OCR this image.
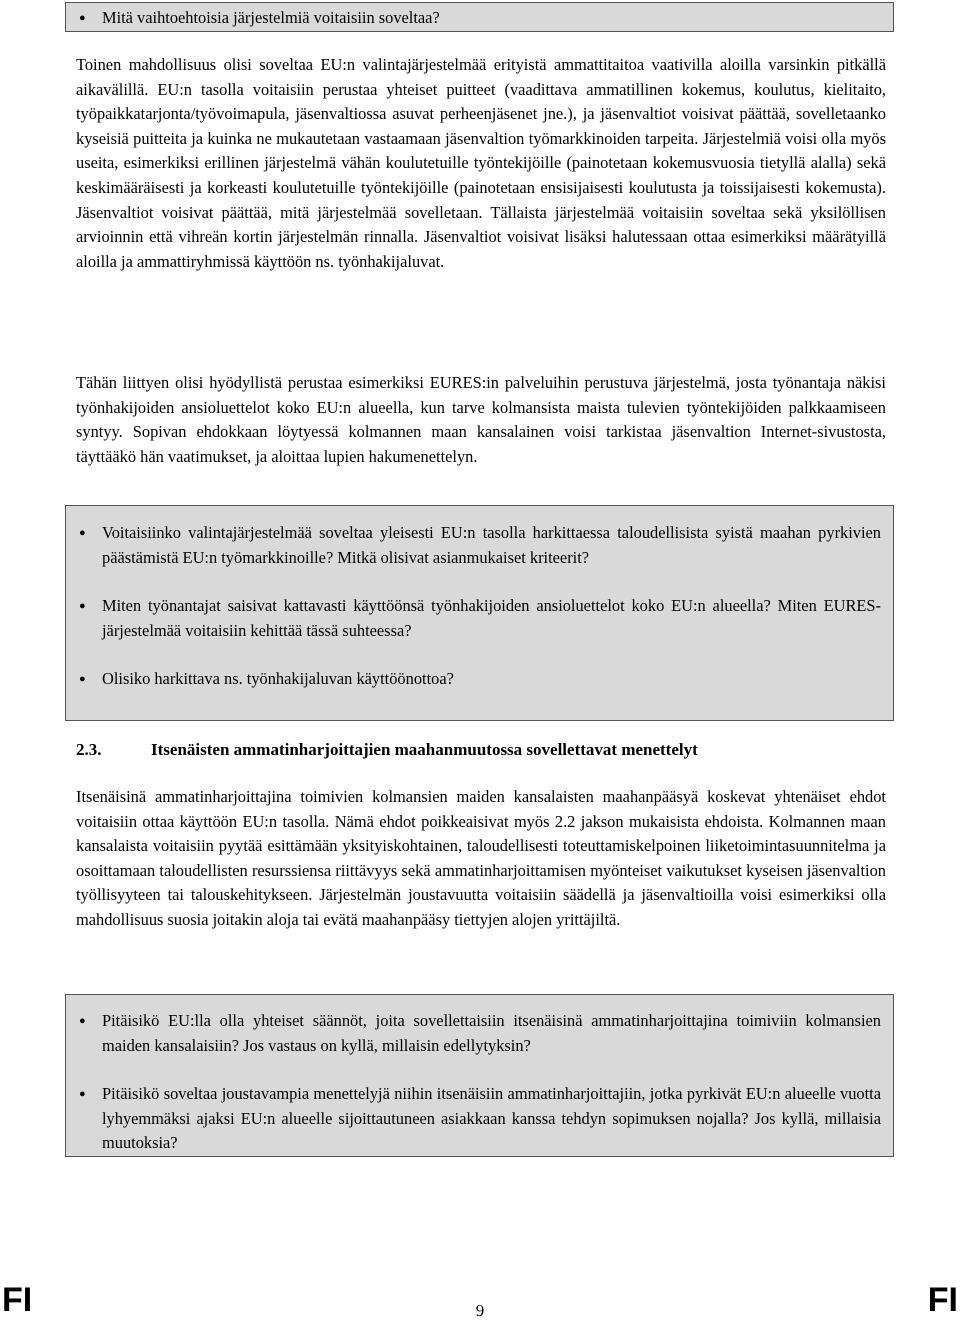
● Mitä vaihtoehtoisia järjestelmiä voitaisiin soveltaa?

Toinen mahdollisuus olisi soveltaa EU:n valintajärjestelmää erityistä ammattitaitoa vaativilla aloilla varsinkin pitkällä aikavälillä. EU:n tasolla voitaisiin perustaa yhteiset puitteet (vaadittava ammatillinen kokemus, koulutus, kielitaito, työpaikkatarjonta/työvoimapula, jäsenvaltiossa asuvat perheenjäsenet jne.), ja jäsenvaltiot voisivat päättää, sovelletaanko kyseisiä puitteita ja kuinka ne mukautetaan vastaamaan jäsenvaltion työmarkkinoiden tarpeita. Järjestelmiä voisi olla myös useita, esimerkiksi erillinen järjestelmä vähän koulutetuille työntekijöille (painotetaan kokemusvuosia tietyllä alalla) sekä keskimääräisesti ja korkeasti koulutetuille työntekijöille (painotetaan ensisijaisesti koulutusta ja toissijaisesti kokemusta). Jäsenvaltiot voisivat päättää, mitä järjestelmää sovelletaan. Tällaista järjestelmää voitaisiin soveltaa sekä yksilöllisen arvioinnin että vihreän kortin järjestelmän rinnalla. Jäsenvaltiot voisivat lisäksi halutessaan ottaa esimerkiksi määrätyillä aloilla ja ammattiryhmissä käyttöön ns. työnhakijaluvat.

Tähän liittyen olisi hyödyllistä perustaa esimerkiksi EURES:in palveluihin perustuva järjestelmä, josta työnantaja näkisi työnhakijoiden ansioluettelot koko EU:n alueella, kun tarve kolmansista maista tulevien työntekijöiden palkkaamiseen syntyy. Sopivan ehdokkaan löytyessä kolmannen maan kansalainen voisi tarkistaa jäsenvaltion Internet-sivustosta, täyttääkö hän vaatimukset, ja aloittaa lupien hakumenettelyn.

● Voitaisiinko valintajärjestelmää soveltaa yleisesti EU:n tasolla harkittaessa taloudellisista syistä maahan pyrkivien päästämistä EU:n työmarkkinoille? Mitkä olisivat asianmukaiset kriteerit?
● Miten työnantajat saisivat kattavasti käyttöönsä työnhakijoiden ansioluettelot koko EU:n alueella? Miten EURES-järjestelmää voitaisiin kehittää tässä suhteessa?
● Olisiko harkittava ns. työnhakijaluvan käyttöönottoa?
2.3.	Itsenäisten ammatinharjoittajien maahanmuutossa sovellettavat menettelyt

Itsenäisinä ammatinharjoittajina toimivien kolmansien maiden kansalaisten maahanpääsyä koskevat yhtenäiset ehdot voitaisiin ottaa käyttöön EU:n tasolla. Nämä ehdot poikkeaisivat myös 2.2 jakson mukaisista ehdoista. Kolmannen maan kansalaista voitaisiin pyytää esittämään yksityiskohtainen, taloudellisesti toteuttamiskelpoinen liiketoimintasuunnitelma ja osoittamaan taloudellisten resurssiensa riittävyys sekä ammatinharjoittamisen myönteiset vaikutukset kyseisen jäsenvaltion työllisyyteen tai talouskehitykseen. Järjestelmän joustavuutta voitaisiin säädellä ja jäsenvaltioilla voisi esimerkiksi olla mahdollisuus suosia joitakin aloja tai evätä maahanpääsy tiettyjen alojen yrittäjiltä.

● Pitäisikö EU:lla olla yhteiset säännöt, joita sovellettaisiin itsenäisinä ammatinharjoittajina toimiviin kolmansien maiden kansalaisiin? Jos vastaus on kyllä, millaisin edellytyksin?
● Pitäisikö soveltaa joustavampia menettelyjä niihin itsenäisiin ammatinharjoittajiin, jotka pyrkivät EU:n alueelle vuotta lyhyemmäksi ajaksi EU:n alueelle sijoittautuneen asiakkaan kanssa tehdyn sopimuksen nojalla? Jos kyllä, millaisia muutoksia?
FI	9	FI
